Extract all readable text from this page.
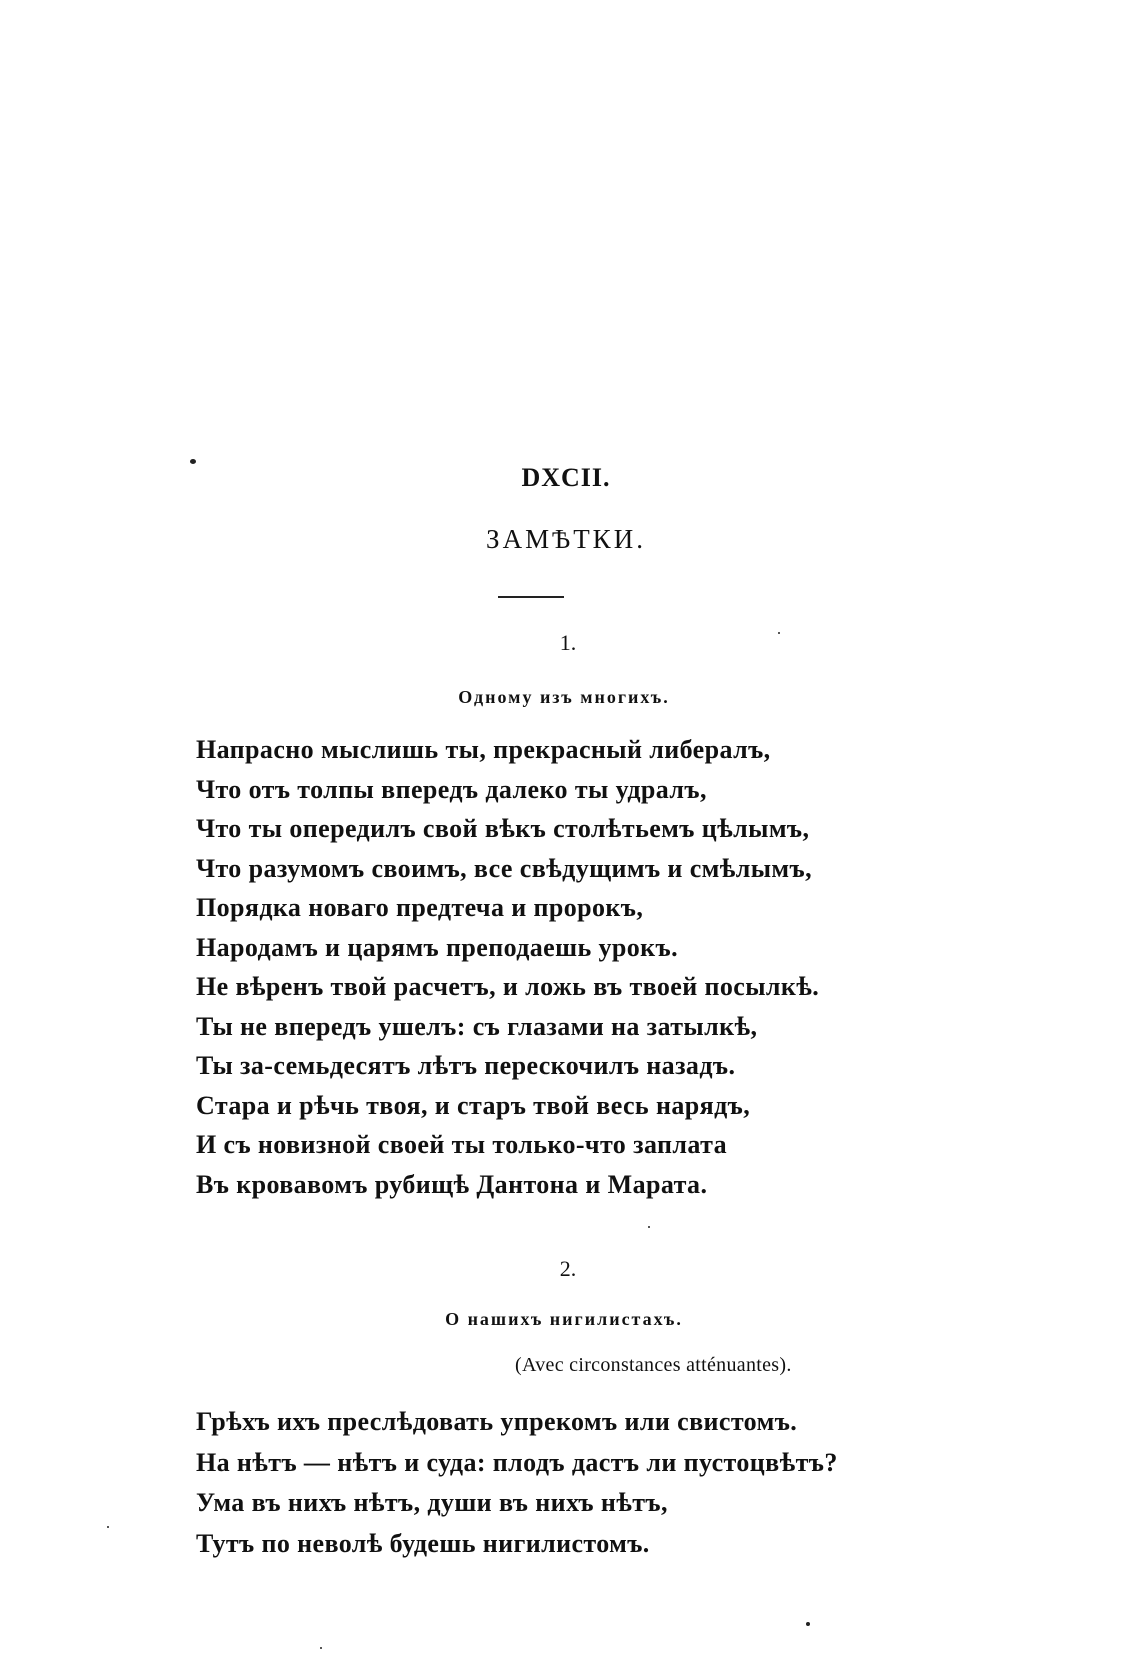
DXCII.
ЗАМѢТКИ.
1.
Одному изъ многихъ.
Напрасно мыслишь ты, прекрасный либералъ,
Что отъ толпы впередъ далеко ты удралъ,
Что ты опередилъ свой вѣкъ столѣтьемъ цѣлымъ,
Что разумомъ своимъ, все свѣдущимъ и смѣлымъ,
Порядка новаго предтеча и пророкъ,
Народамъ и царямъ преподаешь урокъ.
Не вѣренъ твой расчетъ, и ложь въ твоей посылкѣ.
Ты не впередъ ушелъ: съ глазами на затылкѣ,
Ты за-семьдесятъ лѣтъ перескочилъ назадъ.
Стара и рѣчь твоя, и старъ твой весь нарядъ,
И съ новизной своей ты только-что заплата
Въ кровавомъ рубищѣ Дантона и Марата.
2.
О нашихъ нигилистахъ.
(Avec circonstances atténuantes).
Грѣхъ ихъ преслѣдовать упрекомъ или свистомъ.
На нѣтъ — нѣтъ и суда: плодъ дастъ ли пустоцвѣтъ?
Ума въ нихъ нѣтъ, души въ нихъ нѣтъ,
Тутъ по неволѣ будешь нигилистомъ.
